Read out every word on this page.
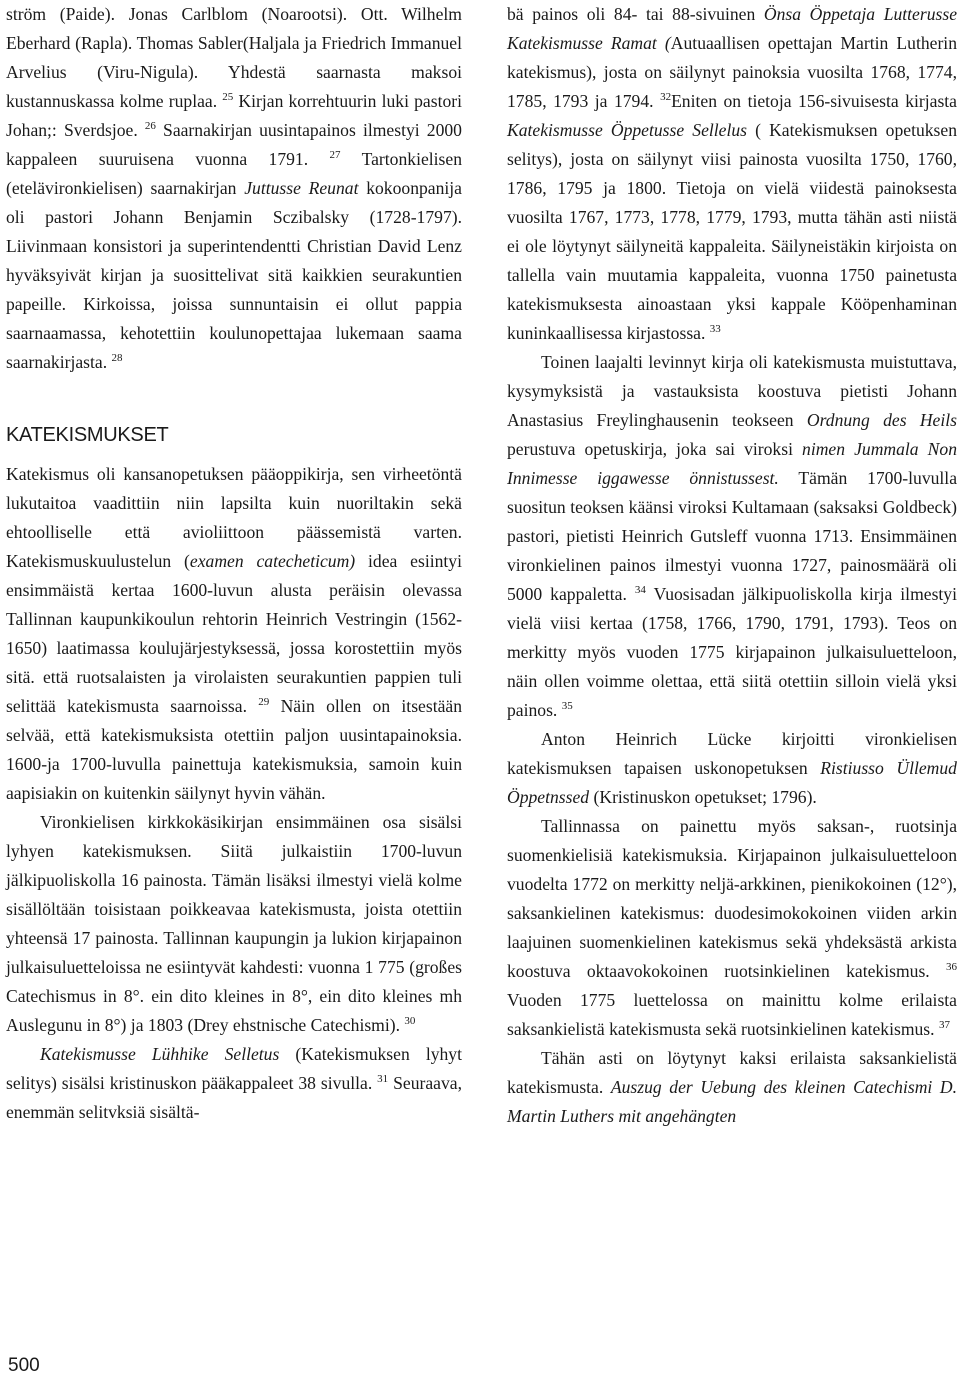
ström (Paide). Jonas Carlblom (Noarootsi). Ott. Wilhelm Eberhard (Rapla). Thomas Sabler(Haljala ja Friedrich Immanuel Arvelius (Viru-Nigula). Yhdestä saarnasta maksoi kustannuskassa kolme ruplaa. $^{25}$ Kirjan korrehtuurin luki pastori Johan;: Sverdsjoe. $^{26}$ Saarnakirjan uusintapainos ilmestyi 2000 kappaleen suuruisena vuonna 1791. $^{27}$ Tartonkielisen (etelävironkielisen) saarnakirjan Juttusse Reunat kokoonpanija oli pastori Johann Benjamin Sczibalsky (1728-1797). Liivinmaan konsistori ja superintendentti Christian David Lenz hyväksyivät kirjan ja suosittelivat sitä kaikkien seurakuntien papeille. Kirkoissa, joissa sunnuntaisin ei ollut pappia saarnaamassa, kehotettiin koulunopettajaa lukemaan saama saarnakirjasta. $^{28}$

KATEKISMUKSET

Katekismus oli kansanopetuksen pääoppikirja, sen virheetöntä lukutaitoa vaadittiin niin lapsilta kuin nuoriltakin sekä ehtoolliselle että avioliittoon päässemistä varten. Katekismuskuulustelun (examen catecheticum) idea esiintyi ensimmäistä kertaa 1600-luvun alusta peräisin olevassa Tallinnan kaupunkikoulun rehtorin Heinrich Vestringin (1562-1650) laatimassa koulujärjestyksessä, jossa korostettiin myös sitä. että ruotsalaisten ja virolaisten seurakuntien pappien tuli selittää katekismusta saarnoissa. $^{29}$ Näin ollen on itsestään selvää, että katekismuksista otettiin paljon uusintapainoksia. 1600-ja 1700-luvulla painettuja katekismuksia, samoin kuin aapisiakin on kuitenkin säilynyt hyvin vähän.

Vironkielisen kirkkokäsikirjan ensimmäinen osa sisälsi lyhyen katekismuksen. Siitä julkaistiin 1700-luvun jälkipuoliskolla 16 painosta. Tämän lisäksi ilmestyi vielä kolme sisällöltään toisistaan poikkeavaa katekismusta, joista otettiin yhteensä 17 painosta. Tallinnan kaupungin ja lukion kirjapainon julkaisuluetteloissa ne esiintyvät kahdesti: vuonna 1 775 (großes Catechismus in 8°. ein dito kleines in 8°, ein dito kleines mh Auslegunu in 8°) ja 1803 (Drey ehstnische Catechismi). $^{30}$

Katekismusse Lühhike Selletus (Katekismuksen lyhyt selitys) sisälsi kristinuskon pääkappaleet 38 sivulla. $^{31}$ Seuraava, enemmän selitvksiä sisältä-

bä painos oli 84- tai 88-sivuinen Önsa Öppetaja Lutterusse Katekismusse Ramat (Autuaallisen opettajan Martin Lutherin katekismus), josta on säilynyt painoksia vuosilta 1768, 1774, 1785, 1793 ja 1794. $^{32}$Eniten on tietoja 156-sivuisesta kirjasta Katekismusse Öppetusse Sellelus ( Katekismuksen opetuksen selitys), josta on säilynyt viisi painosta vuosilta 1750, 1760, 1786, 1795 ja 1800. Tietoja on vielä viidestä painoksesta vuosilta 1767, 1773, 1778, 1779, 1793, mutta tähän asti niistä ei ole löytynyt säilyneitä kappaleita. Säilyneistäkin kirjoista on tallella vain muutamia kappaleita, vuonna 1750 painetusta katekismuksesta ainoastaan yksi kappale Kööpenhaminan kuninkaallisessa kirjastossa. $^{33}$

Toinen laajalti levinnyt kirja oli katekismusta muistuttava, kysymyksistä ja vastauksista koostuva pietisti Johann Anastasius Freylinghausenin teokseen Ordnung des Heils perustuva opetuskirja, joka sai viroksi nimen Jummala Non Innimesse iggawesse önnistussest. Tämän 1700-luvulla suositun teoksen käänsi viroksi Kultamaan (saksaksi Goldbeck) pastori, pietisti Heinrich Gutsleff vuonna 1713. Ensimmäinen vironkielinen painos ilmestyi vuonna 1727, painosmäärä oli 5000 kappaletta. $^{34}$ Vuosisadan jälkipuoliskolla kirja ilmestyi vielä viisi kertaa (1758, 1766, 1790, 1791, 1793). Teos on merkitty myös vuoden 1775 kirjapainon julkaisuluetteloon, näin ollen voimme olettaa, että siitä otettiin silloin vielä yksi painos. $^{35}$

Anton Heinrich Lücke kirjoitti vironkielisen katekismuksen tapaisen uskonopetuksen Ristiusso Üllemud Öppetnssed (Kristinuskon opetukset; 1796).

Tallinnassa on painettu myös saksan-, ruotsinja suomenkielisiä katekismuksia. Kirjapainon julkaisuluetteloon vuodelta 1772 on merkitty neljä-arkkinen, pienikokoinen (12°), saksankielinen katekismus: duodesimokokoinen viiden arkin laajuinen suomenkielinen katekismus sekä yhdeksästä arkista koostuva oktaavokokoinen ruotsinkielinen katekismus. $^{36}$ Vuoden 1775 luettelossa on mainittu kolme erilaista saksankielistä katekismusta sekä ruotsinkielinen katekismus. $^{37}$

Tähän asti on löytynyt kaksi erilaista saksankielistä katekismusta. Auszug der Uebung des kleinen Catechismi D. Martin Luthers mit angehängten

500
